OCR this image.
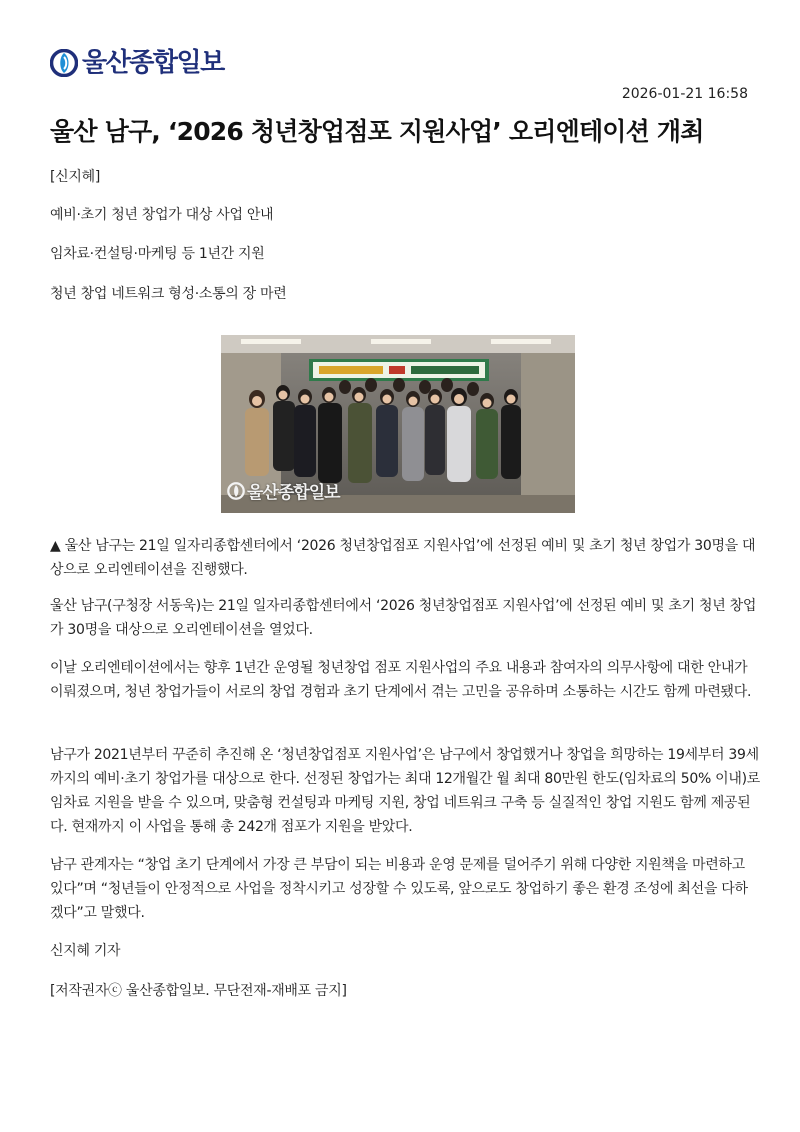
울산종합일보
2026-01-21 16:58
울산 남구, ‘2026 청년창업점포 지원사업’ 오리엔테이션 개최

[신지혜]

예비·초기 청년 창업가 대상 사업 안내

임차료·컨설팅·마케팅 등 1년간 지원

청년 창업 네트워크 형성·소통의 장 마련

울산종합일보

▲ 울산 남구는 21일 일자리종합센터에서 ‘2026 청년창업점포 지원사업’에 선정된 예비 및 초기 청년 창업가 30명을 대상으로 오리엔테이션을 진행했다.

울산 남구(구청장 서동욱)는 21일 일자리종합센터에서 ‘2026 청년창업점포 지원사업’에 선정된 예비 및 초기 청년 창업가 30명을 대상으로 오리엔테이션을 열었다.

이날 오리엔테이션에서는 향후 1년간 운영될 청년창업 점포 지원사업의 주요 내용과 참여자의 의무사항에 대한 안내가 이뤄졌으며, 청년 창업가들이 서로의 창업 경험과 초기 단계에서 겪는 고민을 공유하며 소통하는 시간도 함께 마련됐다.

남구가 2021년부터 꾸준히 추진해 온 ‘청년창업점포 지원사업’은 남구에서 창업했거나 창업을 희망하는 19세부터 39세까지의 예비·초기 창업가를 대상으로 한다. 선정된 창업가는 최대 12개월간 월 최대 80만원 한도(임차료의 50% 이내)로 임차료 지원을 받을 수 있으며, 맞춤형 컨설팅과 마케팅 지원, 창업 네트워크 구축 등 실질적인 창업 지원도 함께 제공된다. 현재까지 이 사업을 통해 총 242개 점포가 지원을 받았다.

남구 관계자는 “창업 초기 단계에서 가장 큰 부담이 되는 비용과 운영 문제를 덜어주기 위해 다양한 지원책을 마련하고 있다”며 “청년들이 안정적으로 사업을 정착시키고 성장할 수 있도록, 앞으로도 창업하기 좋은 환경 조성에 최선을 다하겠다”고 말했다.

신지혜 기자

[저작권자ⓒ 울산종합일보. 무단전재-재배포 금지]
